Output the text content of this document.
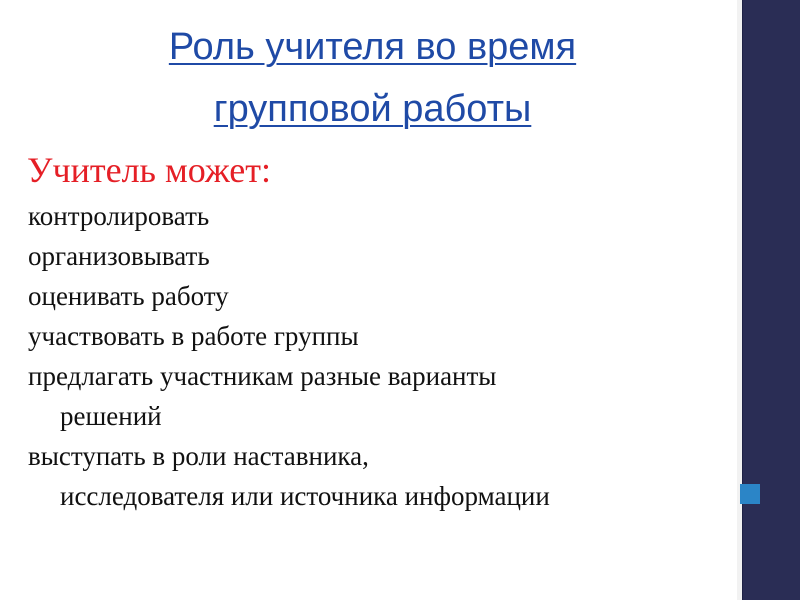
Роль учителя во время
групповой работы
Учитель может:
контролировать
организовывать
оценивать работу
участвовать в работе группы
предлагать участникам разные варианты
решений
выступать в роли наставника,
исследователя или источника информации
